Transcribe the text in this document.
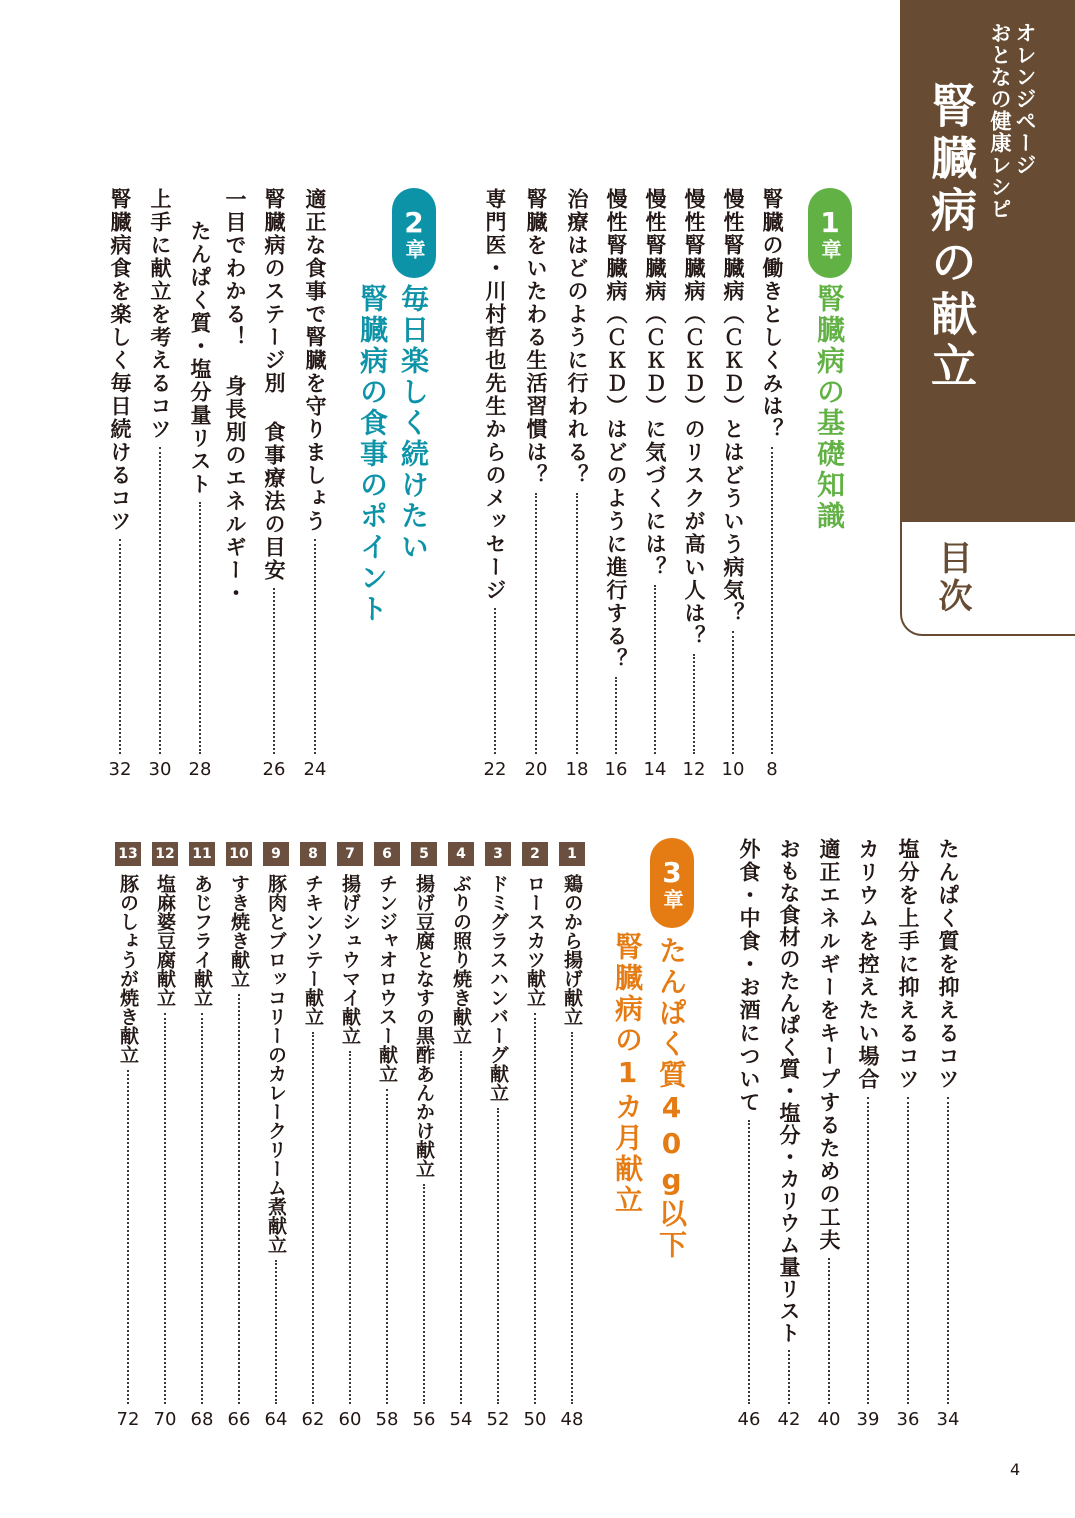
オレンジページ
おとなの健康レシピ
腎臓病の献立
目次
1
章
腎臓病の基礎知識
腎臓の働きとしくみは？
8
慢性腎臓病（ＣＫＤ）とはどういう病気？
10
慢性腎臓病（ＣＫＤ）のリスクが高い人は？
12
慢性腎臓病（ＣＫＤ）に気づくには？
14
慢性腎臓病（ＣＫＤ）はどのように進行する？
16
治療はどのように行われる？
18
腎臓をいたわる生活習慣は？
20
専門医・川村哲也先生からのメッセージ
22
2
章
毎日楽しく続けたい
腎臓病の食事のポイント
適正な食事で腎臓を守りましょう
24
腎臓病のステージ別 食事療法の目安
26
一目でわかる！ 身長別のエネルギー・
たんぱく質・塩分量リスト
28
上手に献立を考えるコツ
30
腎臓病食を楽しく毎日続けるコツ
32
たんぱく質を抑えるコツ
34
塩分を上手に抑えるコツ
36
カリウムを控えたい場合
39
適正エネルギーをキープするための工夫
40
おもな食材のたんぱく質・塩分・カリウム量リスト
42
外食・中食・お酒について
46
3
章
たんぱく質40g以下
腎臓病の1カ月献立
1
鶏のから揚げ献立
48
2
ロースカツ献立
50
3
ドミグラスハンバーグ献立
52
4
ぶりの照り焼き献立
54
5
揚げ豆腐となすの黒酢あんかけ献立
56
6
チンジャオロウスー献立
58
7
揚げシュウマイ献立
60
8
チキンソテー献立
62
9
豚肉とブロッコリーのカレークリーム煮献立
64
10
すき焼き献立
66
11
あじフライ献立
68
12
塩麻婆豆腐献立
70
13
豚のしょうが焼き献立
72
4
